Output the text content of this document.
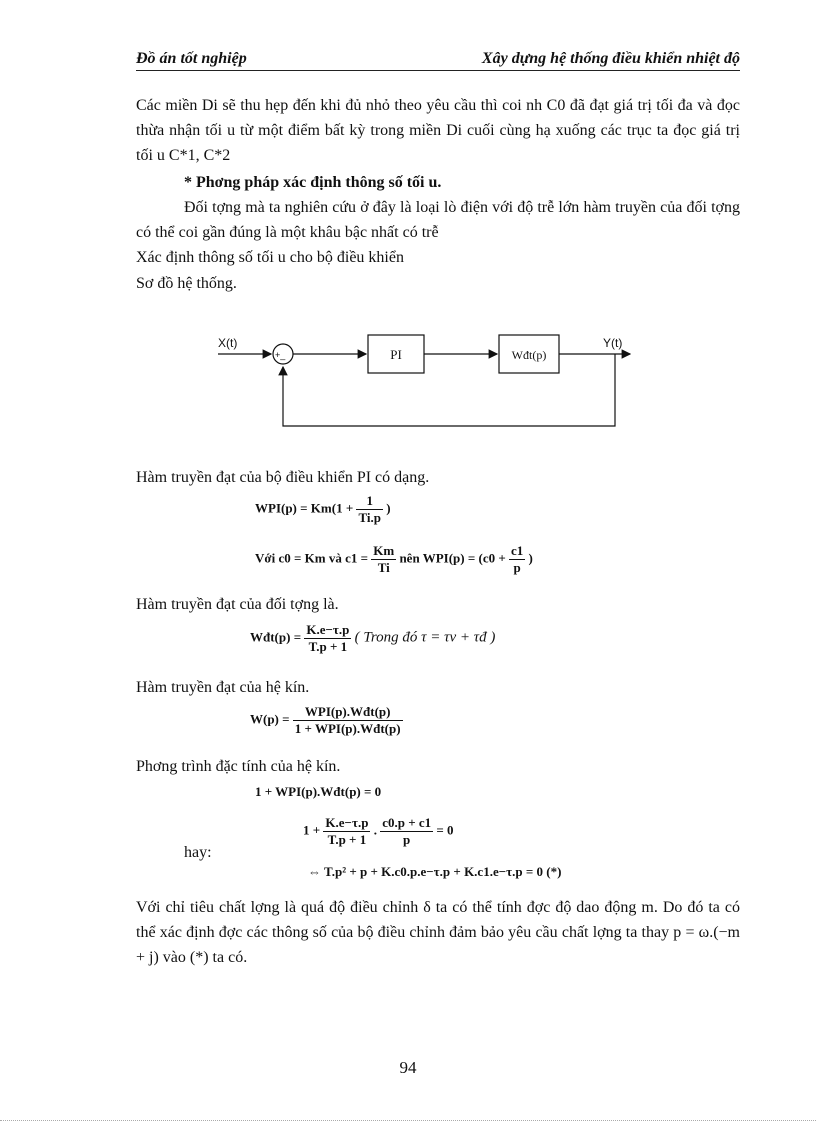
Đồ án tốt nghiệp	Xây dựng hệ thống điều khiển nhiệt độ
Các miền Di sẽ thu hẹp đến khi đủ nhỏ theo yêu cầu thì coi nh C0 đã đạt giá trị tối đa và đọc thừa nhận tối u từ một điểm bất kỳ trong miền Di cuối cùng hạ xuống các trục ta đọc giá trị tối u C*1, C*2
* Phơng pháp xác định thông số tối u.
Đối tợng mà ta nghiên cứu ở đây là loại lò điện với độ trễ lớn hàm truyền của đối tợng có thể coi gần đúng là một khâu bậc nhất có trễ
Xác định thông số tối u cho bộ điều khiển
Sơ đồ hệ thống.
X(t)
+_	PI	Wđt(p)
Y(t)
Hàm truyền đạt của bộ điều khiển PI có dạng.
$WPI(p) = Km(1 + \frac{1}{Ti.p}$ )
Với c0 = Km và $c1 = \frac{Km}{Ti}$ nên $WPI(p) = (c0 + \frac{c1}{p}$ )
Hàm truyền đạt của đối tợng là.
Wđt(p) = $\frac{K.e-\tau.p}{T.p + 1}$ ( Trong đó τ = τv + τđ )
Hàm truyền đạt của hệ kín.
$W(p) = \frac{\text{WPI(p).Wđt(p)}}{\text{1 + WPI(p).Wđt(p)}}$
Phơng trình đặc tính của hệ kín.
1 + WPI(p).Wđt(p) = 0
hay:
$1 + \frac{K.e-\tau.p}{T.p + 1}$ . $\frac{c0.p + c1}{p} = 0$
⇔ T.p² + p + K.c0.p.e−τ.p + K.c1.e−τ.p = 0 (*)
Với chỉ tiêu chất lợng là quá độ điều chỉnh δ ta có thể tính đợc độ dao động m. Do đó ta có thể xác định đợc các thông số của bộ điều chỉnh đảm bảo yêu cầu chất lợng ta thay p = ω.(−m + j) vào (*) ta có.
94
